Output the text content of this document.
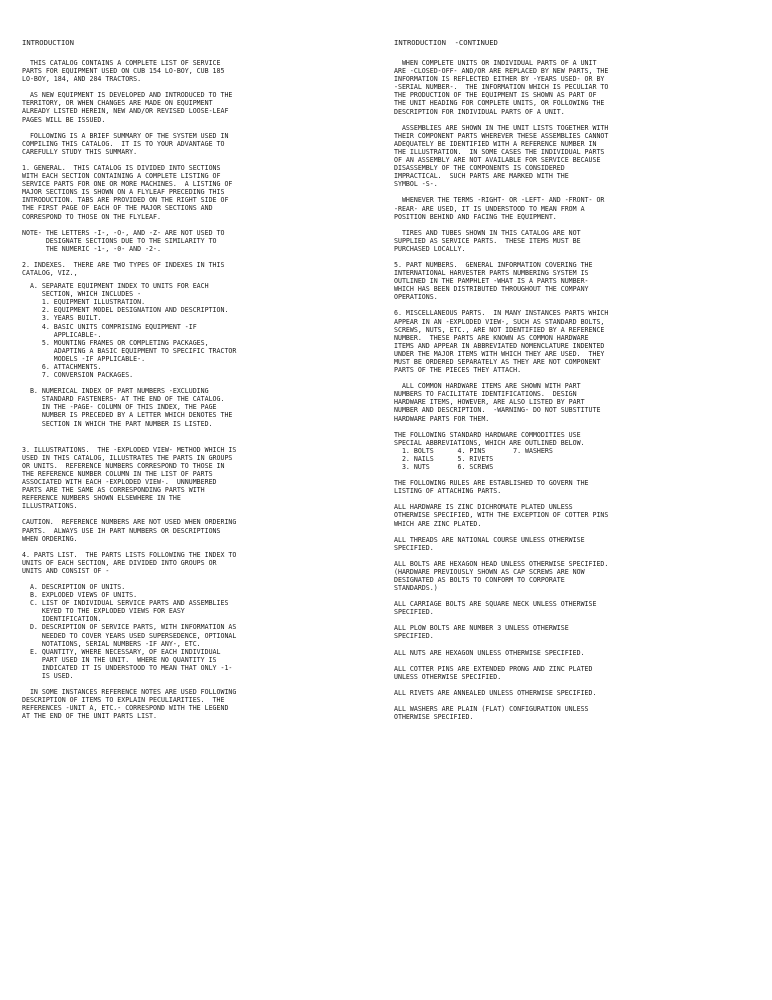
INTRODUCTION

THIS CATALOG CONTAINS A COMPLETE LIST OF SERVICE
PARTS FOR EQUIPMENT USED ON CUB 154 LO-BOY, CUB 185
LO-BOY, 184, AND 284 TRACTORS.

AS NEW EQUIPMENT IS DEVELOPED AND INTRODUCED TO THE
TERRITORY, OR WHEN CHANGES ARE MADE ON EQUIPMENT
ALREADY LISTED HEREIN, NEW AND/OR REVISED LOOSE-LEAF
PAGES WILL BE ISSUED.

FOLLOWING IS A BRIEF SUMMARY OF THE SYSTEM USED IN
COMPILING THIS CATALOG.  IT IS TO YOUR ADVANTAGE TO
CAREFULLY STUDY THIS SUMMARY.

1. GENERAL.  THIS CATALOG IS DIVIDED INTO SECTIONS
WITH EACH SECTION CONTAINING A COMPLETE LISTING OF
SERVICE PARTS FOR ONE OR MORE MACHINES.  A LISTING OF
MAJOR SECTIONS IS SHOWN ON A FLYLEAF PRECEDING THIS
INTRODUCTION. TABS ARE PROVIDED ON THE RIGHT SIDE OF
THE FIRST PAGE OF EACH OF THE MAJOR SECTIONS AND
CORRESPOND TO THOSE ON THE FLYLEAF.

NOTE- THE LETTERS -I-, -O-, AND -Z- ARE NOT USED TO
DESIGNATE SECTIONS DUE TO THE SIMILARITY TO
THE NUMERIC -1-, -0- AND -2-.

2. INDEXES.  THERE ARE TWO TYPES OF INDEXES IN THIS
CATALOG, VIZ.,

A. SEPARATE EQUIPMENT INDEX TO UNITS FOR EACH
SECTION, WHICH INCLUDES -
1. EQUIPMENT ILLUSTRATION.
2. EQUIPMENT MODEL DESIGNATION AND DESCRIPTION.
3. YEARS BUILT.
4. BASIC UNITS COMPRISING EQUIPMENT -IF
APPLICABLE-.
5. MOUNTING FRAMES OR COMPLETING PACKAGES,
ADAPTING A BASIC EQUIPMENT TO SPECIFIC TRACTOR
MODELS -IF APPLICABLE-.
6. ATTACHMENTS.
7. CONVERSION PACKAGES.

B. NUMERICAL INDEX OF PART NUMBERS -EXCLUDING
STANDARD FASTENERS- AT THE END OF THE CATALOG.
IN THE -PAGE- COLUMN OF THIS INDEX, THE PAGE
NUMBER IS PRECEDED BY A LETTER WHICH DENOTES THE
SECTION IN WHICH THE PART NUMBER IS LISTED.

3. ILLUSTRATIONS.  THE -EXPLODED VIEW- METHOD WHICH IS
USED IN THIS CATALOG, ILLUSTRATES THE PARTS IN GROUPS
OR UNITS.  REFERENCE NUMBERS CORRESPOND TO THOSE IN
THE REFERENCE NUMBER COLUMN IN THE LIST OF PARTS
ASSOCIATED WITH EACH -EXPLODED VIEW-.  UNNUMBERED
PARTS ARE THE SAME AS CORRESPONDING PARTS WITH
REFERENCE NUMBERS SHOWN ELSEWHERE IN THE
ILLUSTRATIONS.

CAUTION.  REFERENCE NUMBERS ARE NOT USED WHEN ORDERING
PARTS.  ALWAYS USE IH PART NUMBERS OR DESCRIPTIONS
WHEN ORDERING.

4. PARTS LIST.  THE PARTS LISTS FOLLOWING THE INDEX TO
UNITS OF EACH SECTION, ARE DIVIDED INTO GROUPS OR
UNITS AND CONSIST OF -

A. DESCRIPTION OF UNITS.
B. EXPLODED VIEWS OF UNITS.
C. LIST OF INDIVIDUAL SERVICE PARTS AND ASSEMBLIES
KEYED TO THE EXPLODED VIEWS FOR EASY
IDENTIFICATION.
D. DESCRIPTION OF SERVICE PARTS, WITH INFORMATION AS
NEEDED TO COVER YEARS USED SUPERSEDENCE, OPTIONAL
NOTATIONS, SERIAL NUMBERS -IF ANY-, ETC.
E. QUANTITY, WHERE NECESSARY, OF EACH INDIVIDUAL
PART USED IN THE UNIT.  WHERE NO QUANTITY IS
INDICATED IT IS UNDERSTOOD TO MEAN THAT ONLY -1-
IS USED.

IN SOME INSTANCES REFERENCE NOTES ARE USED FOLLOWING
DESCRIPTION OF ITEMS TO EXPLAIN PECULIARITIES.  THE
REFERENCES -UNIT A, ETC.- CORRESPOND WITH THE LEGEND
AT THE END OF THE UNIT PARTS LIST.

INTRODUCTION  -CONTINUED

WHEN COMPLETE UNITS OR INDIVIDUAL PARTS OF A UNIT
ARE -CLOSED-OFF- AND/OR ARE REPLACED BY NEW PARTS, THE
INFORMATION IS REFLECTED EITHER BY -YEARS USED- OR BY
-SERIAL NUMBER-.  THE INFORMATION WHICH IS PECULIAR TO
THE PRODUCTION OF THE EQUIPMENT IS SHOWN AS PART OF
THE UNIT HEADING FOR COMPLETE UNITS, OR FOLLOWING THE
DESCRIPTION FOR INDIVIDUAL PARTS OF A UNIT.

ASSEMBLIES ARE SHOWN IN THE UNIT LISTS TOGETHER WITH
THEIR COMPONENT PARTS WHEREVER THESE ASSEMBLIES CANNOT
ADEQUATELY BE IDENTIFIED WITH A REFERENCE NUMBER IN
THE ILLUSTRATION.  IN SOME CASES THE INDIVIDUAL PARTS
OF AN ASSEMBLY ARE NOT AVAILABLE FOR SERVICE BECAUSE
DISASSEMBLY OF THE COMPONENTS IS CONSIDERED
IMPRACTICAL.  SUCH PARTS ARE MARKED WITH THE
SYMBOL -S-.

WHENEVER THE TERMS -RIGHT- OR -LEFT- AND -FRONT- OR
-REAR- ARE USED, IT IS UNDERSTOOD TO MEAN FROM A
POSITION BEHIND AND FACING THE EQUIPMENT.

TIRES AND TUBES SHOWN IN THIS CATALOG ARE NOT
SUPPLIED AS SERVICE PARTS.  THESE ITEMS MUST BE
PURCHASED LOCALLY.

5. PART NUMBERS.  GENERAL INFORMATION COVERING THE
INTERNATIONAL HARVESTER PARTS NUMBERING SYSTEM IS
OUTLINED IN THE PAMPHLET -WHAT IS A PARTS NUMBER-
WHICH HAS BEEN DISTRIBUTED THROUGHOUT THE COMPANY
OPERATIONS.

6. MISCELLANEOUS PARTS.  IN MANY INSTANCES PARTS WHICH
APPEAR IN AN -EXPLODED VIEW-, SUCH AS STANDARD BOLTS,
SCREWS, NUTS, ETC., ARE NOT IDENTIFIED BY A REFERENCE
NUMBER.  THESE PARTS ARE KNOWN AS COMMON HARDWARE
ITEMS AND APPEAR IN ABBREVIATED NOMENCLATURE INDENTED
UNDER THE MAJOR ITEMS WITH WHICH THEY ARE USED.  THEY
MUST BE ORDERED SEPARATELY AS THEY ARE NOT COMPONENT
PARTS OF THE PIECES THEY ATTACH.

ALL COMMON HARDWARE ITEMS ARE SHOWN WITH PART
NUMBERS TO FACILITATE IDENTIFICATIONS.  DESIGN
HARDWARE ITEMS, HOWEVER, ARE ALSO LISTED BY PART
NUMBER AND DESCRIPTION.  -WARNING- DO NOT SUBSTITUTE
HARDWARE PARTS FOR THEM.

THE FOLLOWING STANDARD HARDWARE COMMODITIES USE
SPECIAL ABBREVIATIONS, WHICH ARE OUTLINED BELOW.
1. BOLTS      4. PINS       7. WASHERS
2. NAILS      5. RIVETS
3. NUTS       6. SCREWS

THE FOLLOWING RULES ARE ESTABLISHED TO GOVERN THE
LISTING OF ATTACHING PARTS.

ALL HARDWARE IS ZINC DICHROMATE PLATED UNLESS
OTHERWISE SPECIFIED, WITH THE EXCEPTION OF COTTER PINS
WHICH ARE ZINC PLATED.

ALL THREADS ARE NATIONAL COURSE UNLESS OTHERWISE
SPECIFIED.

ALL BOLTS ARE HEXAGON HEAD UNLESS OTHERWISE SPECIFIED.
(HARDWARE PREVIOUSLY SHOWN AS CAP SCREWS ARE NOW
DESIGNATED AS BOLTS TO CONFORM TO CORPORATE
STANDARDS.)

ALL CARRIAGE BOLTS ARE SQUARE NECK UNLESS OTHERWISE
SPECIFIED.

ALL PLOW BOLTS ARE NUMBER 3 UNLESS OTHERWISE
SPECIFIED.

ALL NUTS ARE HEXAGON UNLESS OTHERWISE SPECIFIED.

ALL COTTER PINS ARE EXTENDED PRONG AND ZINC PLATED
UNLESS OTHERWISE SPECIFIED.

ALL RIVETS ARE ANNEALED UNLESS OTHERWISE SPECIFIED.

ALL WASHERS ARE PLAIN (FLAT) CONFIGURATION UNLESS
OTHERWISE SPECIFIED.
